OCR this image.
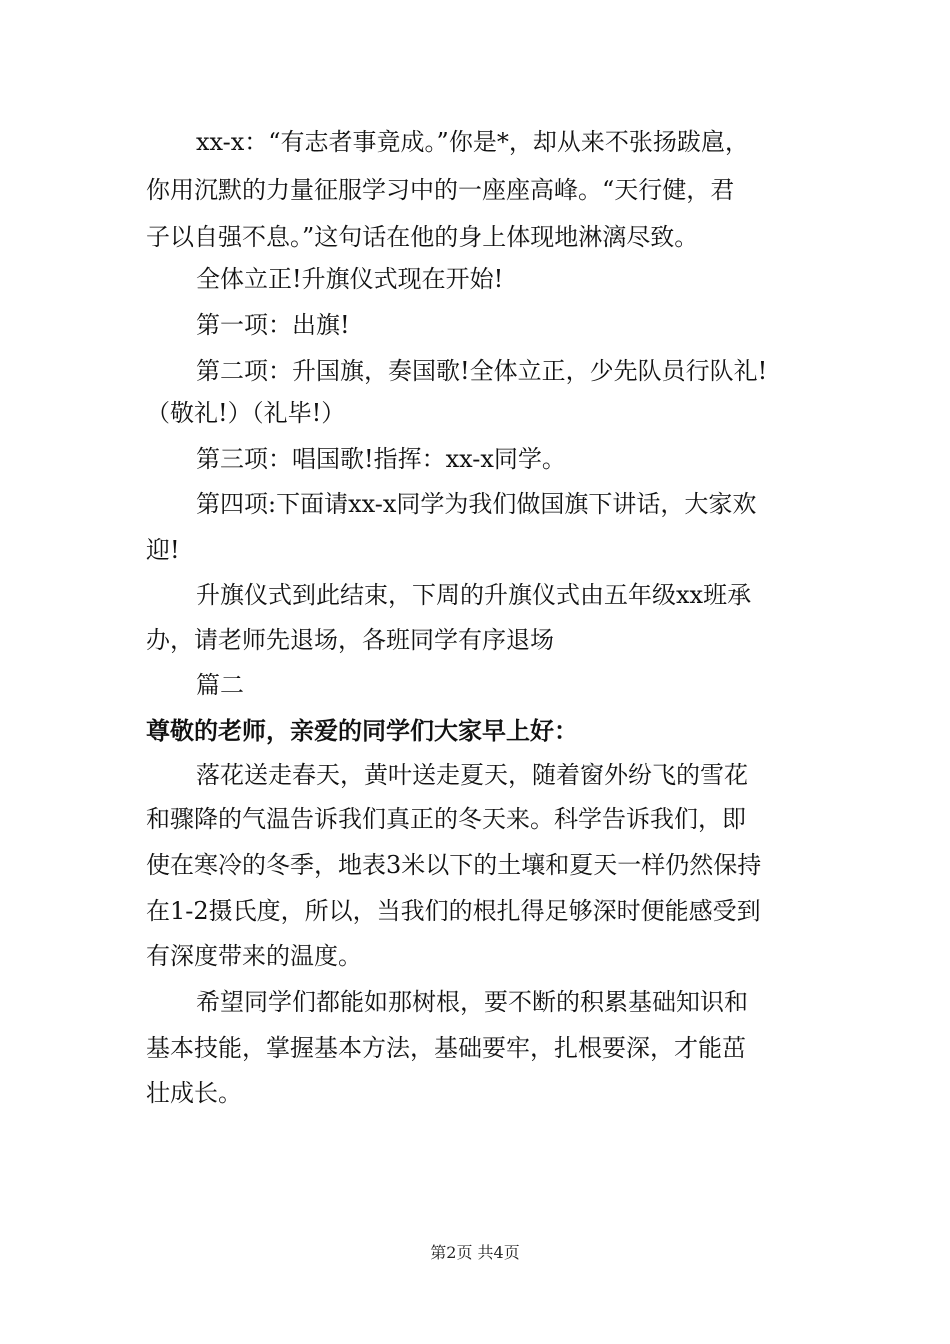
xx-x：“有志者事竟成。”你是*，却从来不张扬跋扈，
你用沉默的力量征服学习中的一座座高峰。“天行健，君
子以自强不息。”这句话在他的身上体现地淋漓尽致。
全体立正!升旗仪式现在开始!
第一项：出旗!
第二项：升国旗，奏国歌!全体立正，少先队员行队礼!
（敬礼!）（礼毕!）
第三项：唱国歌!指挥：xx-x同学。
第四项:下面请xx-x同学为我们做国旗下讲话，大家欢
迎!
升旗仪式到此结束，下周的升旗仪式由五年级xx班承
办，请老师先退场，各班同学有序退场
篇二
尊敬的老师，亲爱的同学们大家早上好：
落花送走春天，黄叶送走夏天，随着窗外纷飞的雪花
和骤降的气温告诉我们真正的冬天来。科学告诉我们，即
使在寒冷的冬季，地表3米以下的土壤和夏天一样仍然保持
在1-2摄氏度，所以，当我们的根扎得足够深时便能感受到
有深度带来的温度。
希望同学们都能如那树根，要不断的积累基础知识和
基本技能，掌握基本方法，基础要牢，扎根要深，才能茁
壮成长。
第2页 共4页
